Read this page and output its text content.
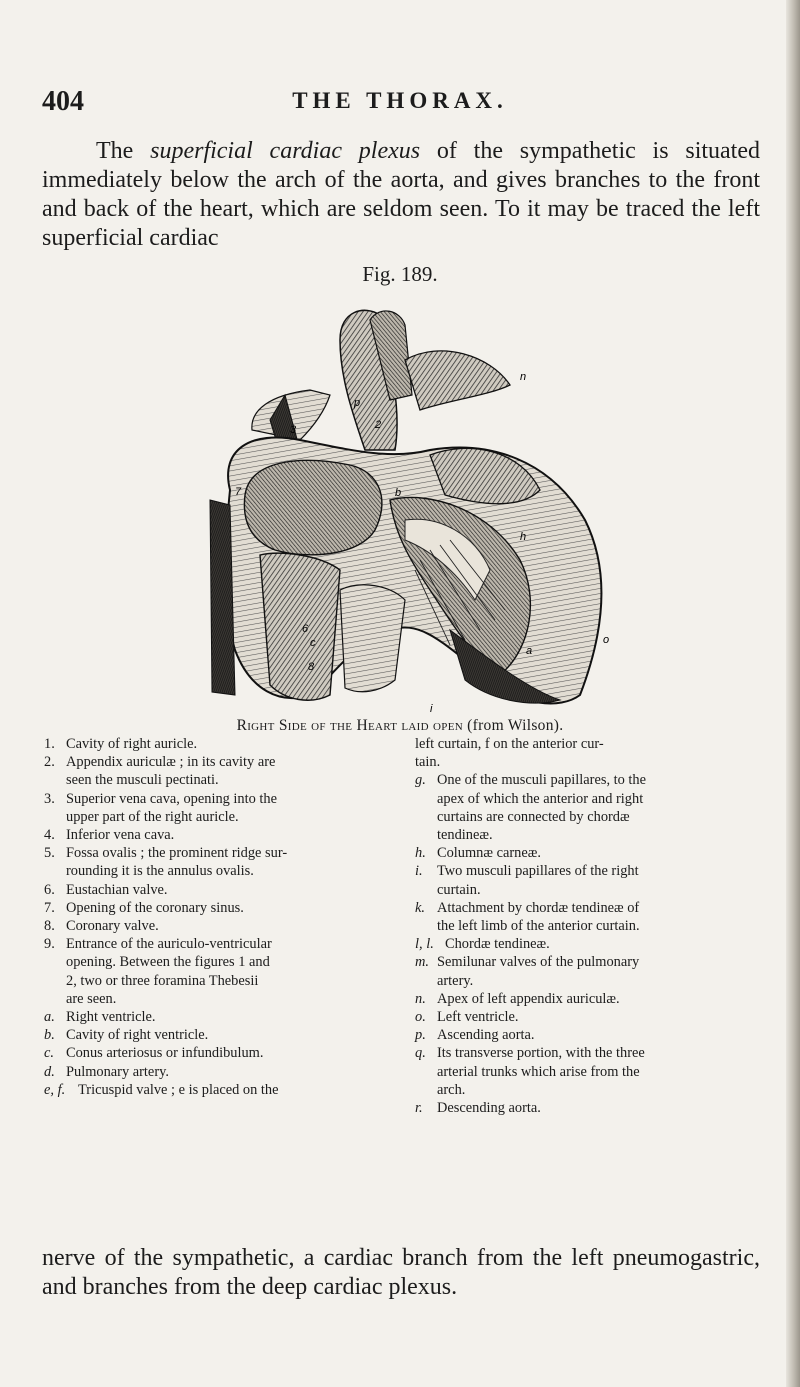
404	THE THORAX.

The superficial cardiac plexus of the sympathetic is situated immediately below the arch of the aorta, and gives branches to the front and back of the heart, which are seldom seen. To it may be traced the left superficial cardiac

Fig. 189.
3
p
n
2
7	b
h
6
c
8
o
a
i
Right Side of the Heart laid open (from Wilson).
1. Cavity of right auricle.
2. Appendix auriculæ ; in its cavity are
seen the musculi pectinati.
3. Superior vena cava, opening into the
upper part of the right auricle.
4. Inferior vena cava.
5. Fossa ovalis ; the prominent ridge sur-
rounding it is the annulus ovalis.
6. Eustachian valve.
7. Opening of the coronary sinus.
8. Coronary valve.
9. Entrance of the auriculo-ventricular
opening. Between the figures 1 and
2, two or three foramina Thebesii
are seen.
a. Right ventricle.
b. Cavity of right ventricle.
c. Conus arteriosus or infundibulum.
d. Pulmonary artery.
e, f. Tricuspid valve ; e is placed on the
left curtain, f on the anterior cur-
tain.
g. One of the musculi papillares, to the
apex of which the anterior and right
curtains are connected by chordæ
tendineæ.
h. Columnæ carneæ.
i. Two musculi papillares of the right
curtain.
k. Attachment by chordæ tendineæ of
the left limb of the anterior curtain.
l, l. Chordæ tendineæ.
m. Semilunar valves of the pulmonary
artery.
n. Apex of left appendix auriculæ.
o. Left ventricle.
p. Ascending aorta.
q. Its transverse portion, with the three
arterial trunks which arise from the
arch.
r. Descending aorta.

nerve of the sympathetic, a cardiac branch from the left pneumogastric, and branches from the deep cardiac plexus.
